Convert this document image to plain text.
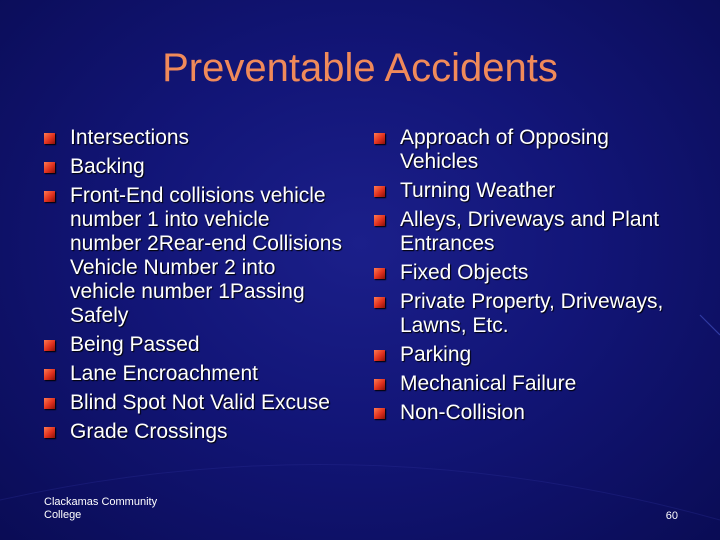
Preventable Accidents
Intersections
Backing
Front-End collisions vehicle number 1 into vehicle number 2Rear-end Collisions Vehicle Number 2 into vehicle number 1Passing Safely
Being Passed
Lane Encroachment
Blind Spot Not Valid Excuse
Grade Crossings
Approach of Opposing Vehicles
Turning Weather
Alleys, Driveways and Plant Entrances
Fixed Objects
Private Property, Driveways, Lawns, Etc.
Parking
Mechanical Failure
Non-Collision
Clackamas Community College	60
